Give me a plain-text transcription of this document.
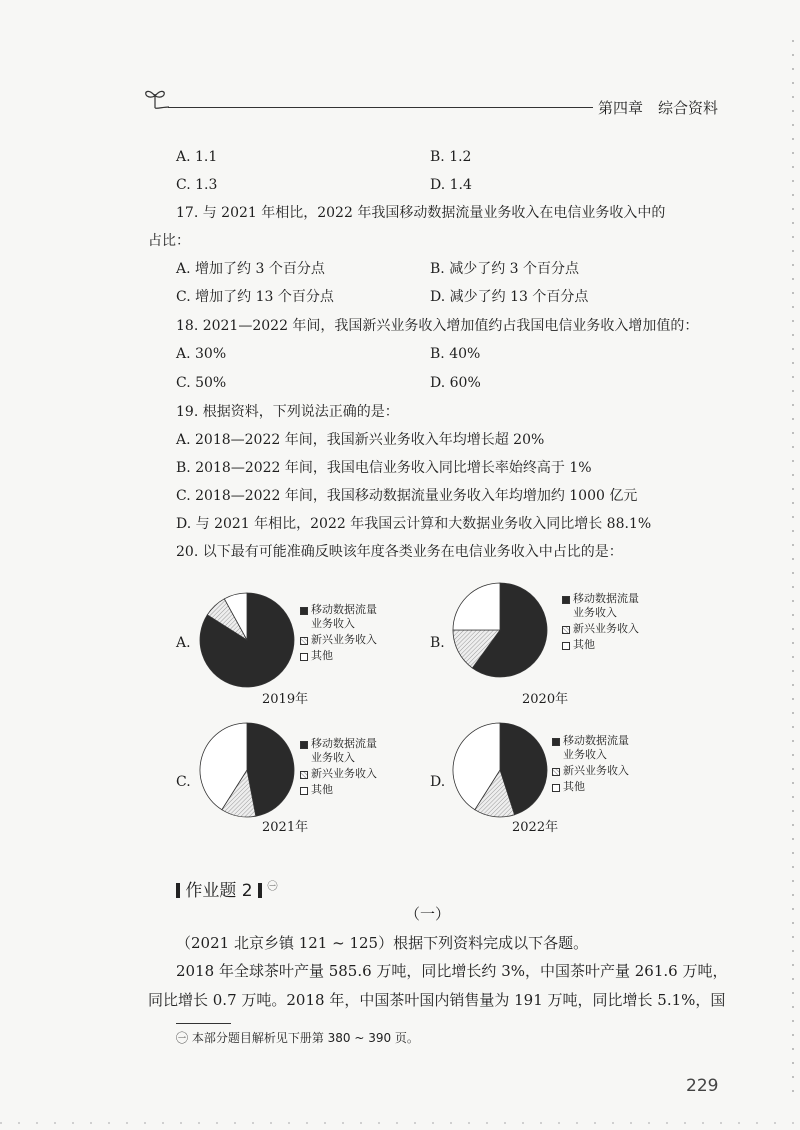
第四章　综合资料
A. 1.1	B. 1.2
C. 1.3	D. 1.4
17. 与 2021 年相比，2022 年我国移动数据流量业务收入在电信业务收入中的
占比：
A. 增加了约 3 个百分点	B. 减少了约 3 个百分点
C. 增加了约 13 个百分点	D. 减少了约 13 个百分点
18. 2021—2022 年间，我国新兴业务收入增加值约占我国电信业务收入增加值的：
A. 30%	B. 40%
C. 50%	D. 60%
19. 根据资料，下列说法正确的是：
A. 2018—2022 年间，我国新兴业务收入年均增长超 20%
B. 2018—2022 年间，我国电信业务收入同比增长率始终高于 1%
C. 2018—2022 年间，我国移动数据流量业务收入年均增加约 1000 亿元
D. 与 2021 年相比，2022 年我国云计算和大数据业务收入同比增长 88.1%
20. 以下最有可能准确反映该年度各类业务在电信业务收入中占比的是：
A.	B.
C.	D.
移动数据流量
业务收入
新兴业务收入
其他
移动数据流量
业务收入
新兴业务收入
其他
移动数据流量
业务收入
新兴业务收入
其他
移动数据流量
业务收入
新兴业务收入
其他
2019年	2020年
2021年	2022年
作业题 2 $^㊀$
（一）
（2021 北京乡镇 121 ~ 125）根据下列资料完成以下各题。
2018 年全球茶叶产量 585.6 万吨，同比增长约 3%，中国茶叶产量 261.6 万吨，
同比增长 0.7 万吨。2018 年，中国茶叶国内销售量为 191 万吨，同比增长 5.1%，国
㊀ 本部分题目解析见下册第 380 ~ 390 页。
229
